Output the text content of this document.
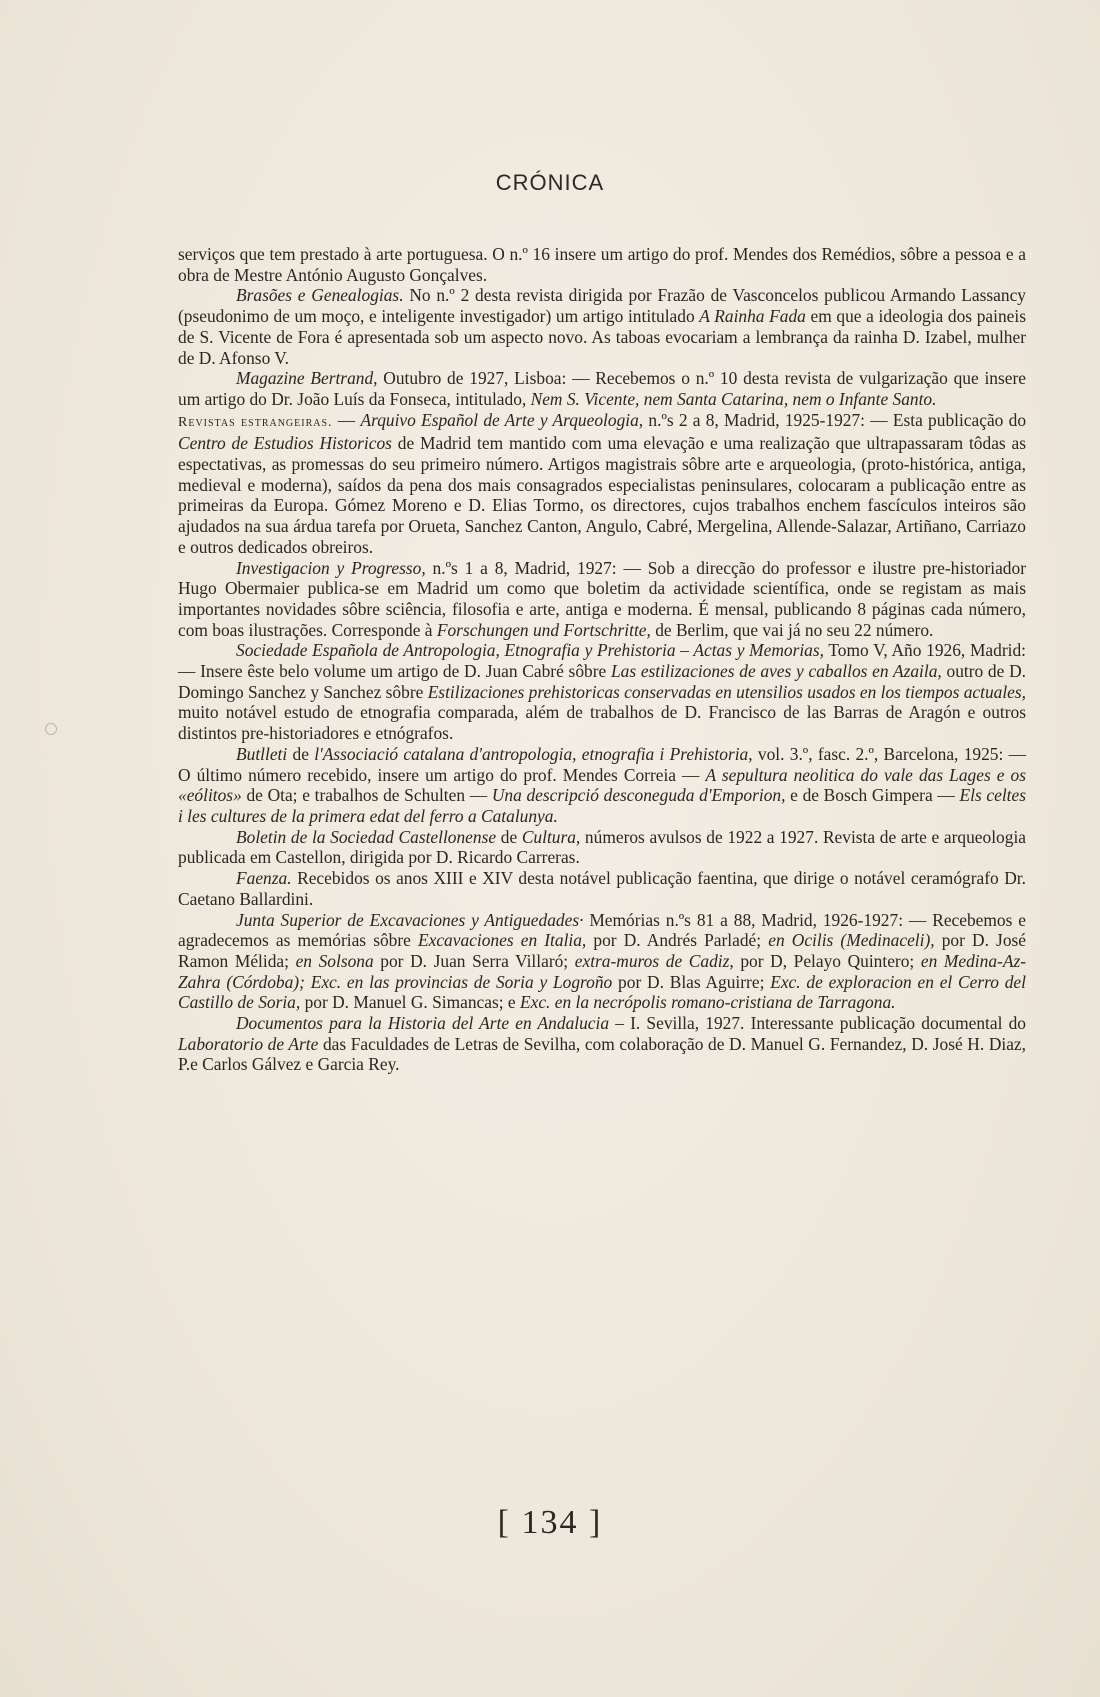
CRÓNICA

serviços que tem prestado à arte portuguesa. O n.º 16 insere um artigo do prof. Mendes dos Remédios, sôbre a pessoa e a obra de Mestre António Augusto Gonçalves.

Brasões e Genealogias. No n.º 2 desta revista dirigida por Frazão de Vasconcelos publicou Armando Lassancy (pseudonimo de um moço, e inteligente investigador) um artigo intitulado A Rainha Fada em que a ideologia dos paineis de S. Vicente de Fora é apresentada sob um aspecto novo. As taboas evocariam a lembrança da rainha D. Izabel, mulher de D. Afonso V.

Magazine Bertrand, Outubro de 1927, Lisboa: — Recebemos o n.º 10 desta revista de vulgarização que insere um artigo do Dr. João Luís da Fonseca, intitulado, Nem S. Vicente, nem Santa Catarina, nem o Infante Santo.

Revistas estrangeiras. — Arquivo Español de Arte y Arqueologia, n.ºs 2 a 8, Madrid, 1925-1927: — Esta publicação do Centro de Estudios Historicos de Madrid tem mantido com uma elevação e uma realização que ultrapassaram tôdas as espectativas, as promessas do seu primeiro número. Artigos magistrais sôbre arte e arqueologia, (proto-histórica, antiga, medieval e moderna), saídos da pena dos mais consagrados especialistas peninsulares, colocaram a publicação entre as primeiras da Europa. Gómez Moreno e D. Elias Tormo, os directores, cujos trabalhos enchem fascículos inteiros são ajudados na sua árdua tarefa por Orueta, Sanchez Canton, Angulo, Cabré, Mergelina, Allende-Salazar, Artiñano, Carriazo e outros dedicados obreiros.

Investigacion y Progresso, n.ºs 1 a 8, Madrid, 1927: — Sob a direcção do professor e ilustre pre-historiador Hugo Obermaier publica-se em Madrid um como que boletim da actividade scientífica, onde se registam as mais importantes novidades sôbre sciência, filosofia e arte, antiga e moderna. É mensal, publicando 8 páginas cada número, com boas ilustrações. Corresponde à Forschungen und Fortschritte, de Berlim, que vai já no seu 22 número.

Sociedade Española de Antropologia, Etnografia y Prehistoria – Actas y Memorias, Tomo V, Año 1926, Madrid: — Insere êste belo volume um artigo de D. Juan Cabré sôbre Las estilizaciones de aves y caballos en Azaila, outro de D. Domingo Sanchez y Sanchez sôbre Estilizaciones prehistoricas conservadas en utensilios usados en los tiempos actuales, muito notável estudo de etnografia comparada, além de trabalhos de D. Francisco de las Barras de Aragón e outros distintos pre-historiadores e etnógrafos.

Butlleti de l'Associació catalana d'antropologia, etnografia i Prehistoria, vol. 3.º, fasc. 2.º, Barcelona, 1925: — O último número recebido, insere um artigo do prof. Mendes Correia — A sepultura neolitica do vale das Lages e os «eólitos» de Ota; e trabalhos de Schulten — Una descripció desconeguda d'Emporion, e de Bosch Gimpera — Els celtes i les cultures de la primera edat del ferro a Catalunya.

Boletin de la Sociedad Castellonense de Cultura, números avulsos de 1922 a 1927. Revista de arte e arqueologia publicada em Castellon, dirigida por D. Ricardo Carreras.

Faenza. Recebidos os anos XIII e XIV desta notável publicação faentina, que dirige o notável ceramógrafo Dr. Caetano Ballardini.

Junta Superior de Excavaciones y Antiguedades· Memórias n.ºs 81 a 88, Madrid, 1926-1927: — Recebemos e agradecemos as memórias sôbre Excavaciones en Italia, por D. Andrés Parladé; en Ocilis (Medinaceli), por D. José Ramon Mélida; en Solsona por D. Juan Serra Villaró; extra-muros de Cadiz, por D, Pelayo Quintero; en Medina-Az-Zahra (Córdoba); Exc. en las provincias de Soria y Logroño por D. Blas Aguirre; Exc. de exploracion en el Cerro del Castillo de Soria, por D. Manuel G. Simancas; e Exc. en la necrópolis romano-cristiana de Tarragona.

Documentos para la Historia del Arte en Andalucia – I. Sevilla, 1927. Interessante publicação documental do Laboratorio de Arte das Faculdades de Letras de Sevilha, com colaboração de D. Manuel G. Fernandez, D. José H. Diaz, P.e Carlos Gálvez e Garcia Rey.

[ 134 ]
